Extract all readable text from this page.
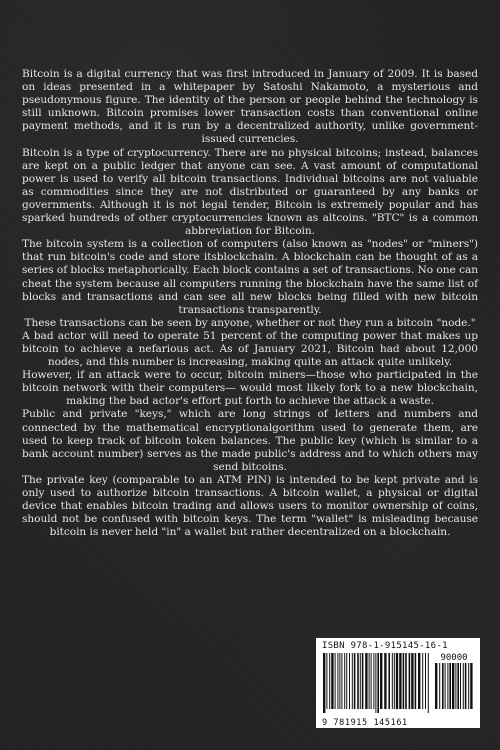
Bitcoin is a digital currency that was first introduced in January of 2009. It is based on ideas presented in a whitepaper by Satoshi Nakamoto, a mysterious and pseudonymous figure. The identity of the person or people behind the technology is still unknown. Bitcoin promises lower transaction costs than conventional online payment methods, and it is run by a decentralized authority, unlike government-issued currencies.

Bitcoin is a type of cryptocurrency. There are no physical bitcoins; instead, balances are kept on a public ledger that anyone can see. A vast amount of computational power is used to verify all bitcoin transactions. Individual bitcoins are not valuable as commodities since they are not distributed or guaranteed by any banks or governments. Although it is not legal tender, Bitcoin is extremely popular and has sparked hundreds of other cryptocurrencies known as altcoins. "BTC" is a common abbreviation for Bitcoin.

The bitcoin system is a collection of computers (also known as "nodes" or "miners") that run bitcoin's code and store itsblockchain. A blockchain can be thought of as a series of blocks metaphorically. Each block contains a set of transactions. No one can cheat the system because all computers running the blockchain have the same list of blocks and transactions and can see all new blocks being filled with new bitcoin transactions transparently.

These transactions can be seen by anyone, whether or not they run a bitcoin "node."

A bad actor will need to operate 51 percent of the computing power that makes up bitcoin to achieve a nefarious act. As of January 2021, Bitcoin had about 12,000 nodes, and this number is increasing, making quite an attack quite unlikely.

However, if an attack were to occur, bitcoin miners—those who participated in the bitcoin network with their computers— would most likely fork to a new blockchain, making the bad actor's effort put forth to achieve the attack a waste.

Public and private "keys," which are long strings of letters and numbers and connected by the mathematical encryptionalgorithm used to generate them, are used to keep track of bitcoin token balances. The public key (which is similar to a bank account number) serves as the made public's address and to which others may send bitcoins.

The private key (comparable to an ATM PIN) is intended to be kept private and is only used to authorize bitcoin transactions. A bitcoin wallet, a physical or digital device that enables bitcoin trading and allows users to monitor ownership of coins, should not be confused with bitcoin keys. The term "wallet" is misleading because bitcoin is never held "in" a wallet but rather decentralized on a blockchain.

ISBN 978-1-915145-16-1
90000
9 781915 145161
